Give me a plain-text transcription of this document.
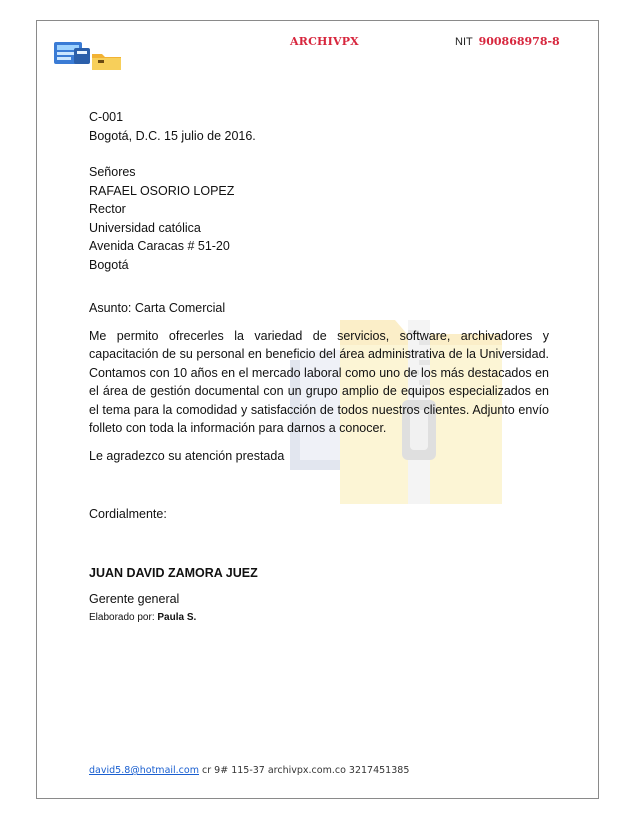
ARCHIVPX	NIT 900868978-8

C-001

Bogotá, D.C. 15 julio de 2016.

Señores

RAFAEL OSORIO LOPEZ

Rector

Universidad católica

Avenida Caracas # 51-20

Bogotá

Asunto: Carta Comercial

Me permito ofrecerles la variedad de servicios, software, archivadores y capacitación de su personal en beneficio del área administrativa de la Universidad. Contamos con 10 años en el mercado laboral como uno de los más destacados en el área de gestión documental con un grupo amplio de equipos especializados en el tema para la comodidad y satisfacción de todos nuestros clientes. Adjunto envío folleto con toda la información para darnos a conocer.

Le agradezco su atención prestada

Cordialmente:

JUAN DAVID ZAMORA JUEZ

Gerente general

Elaborado por: Paula S.

david5.8@hotmail.com cr 9# 115-37 archivpx.com.co 3217451385
